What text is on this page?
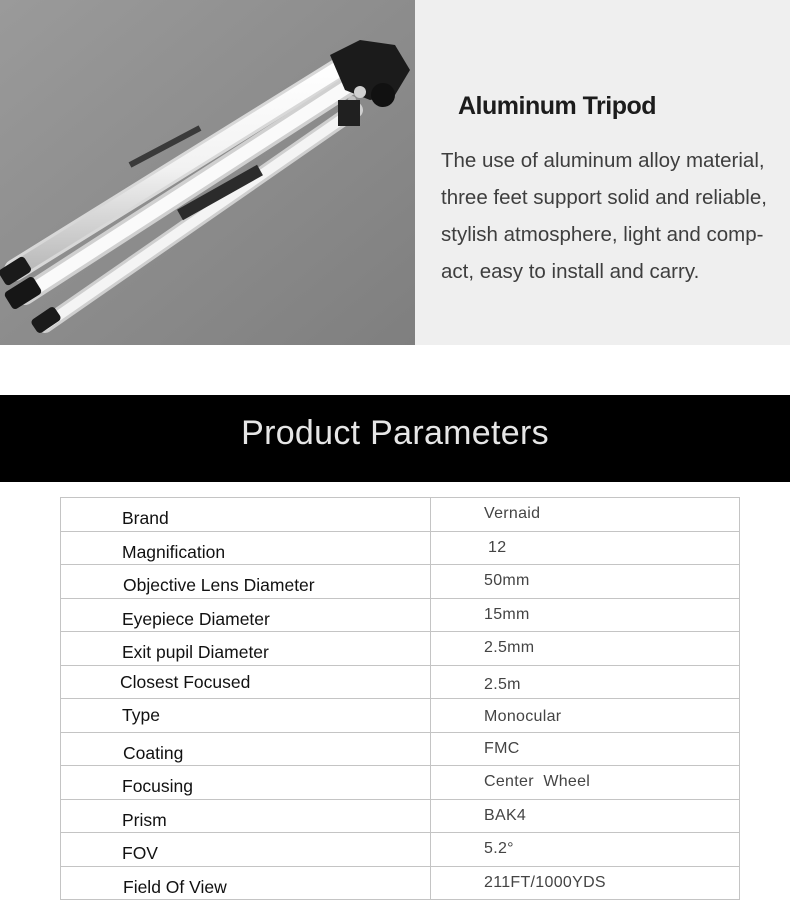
Aluminum Tripod
The use of aluminum alloy material,
three feet support solid and reliable,
stylish atmosphere, light and comp-
act, easy to install and carry.
Product Parameters
Brand	Vernaid
Magnification	12
Objective Lens Diameter	50mm
Eyepiece Diameter	15mm
Exit pupil Diameter	2.5mm
Closest Focused	2.5m
Type	Monocular
Coating	FMC
Focusing	Center  Wheel
Prism	BAK4
FOV	5.2°
Field Of View	211FT/1000YDS
